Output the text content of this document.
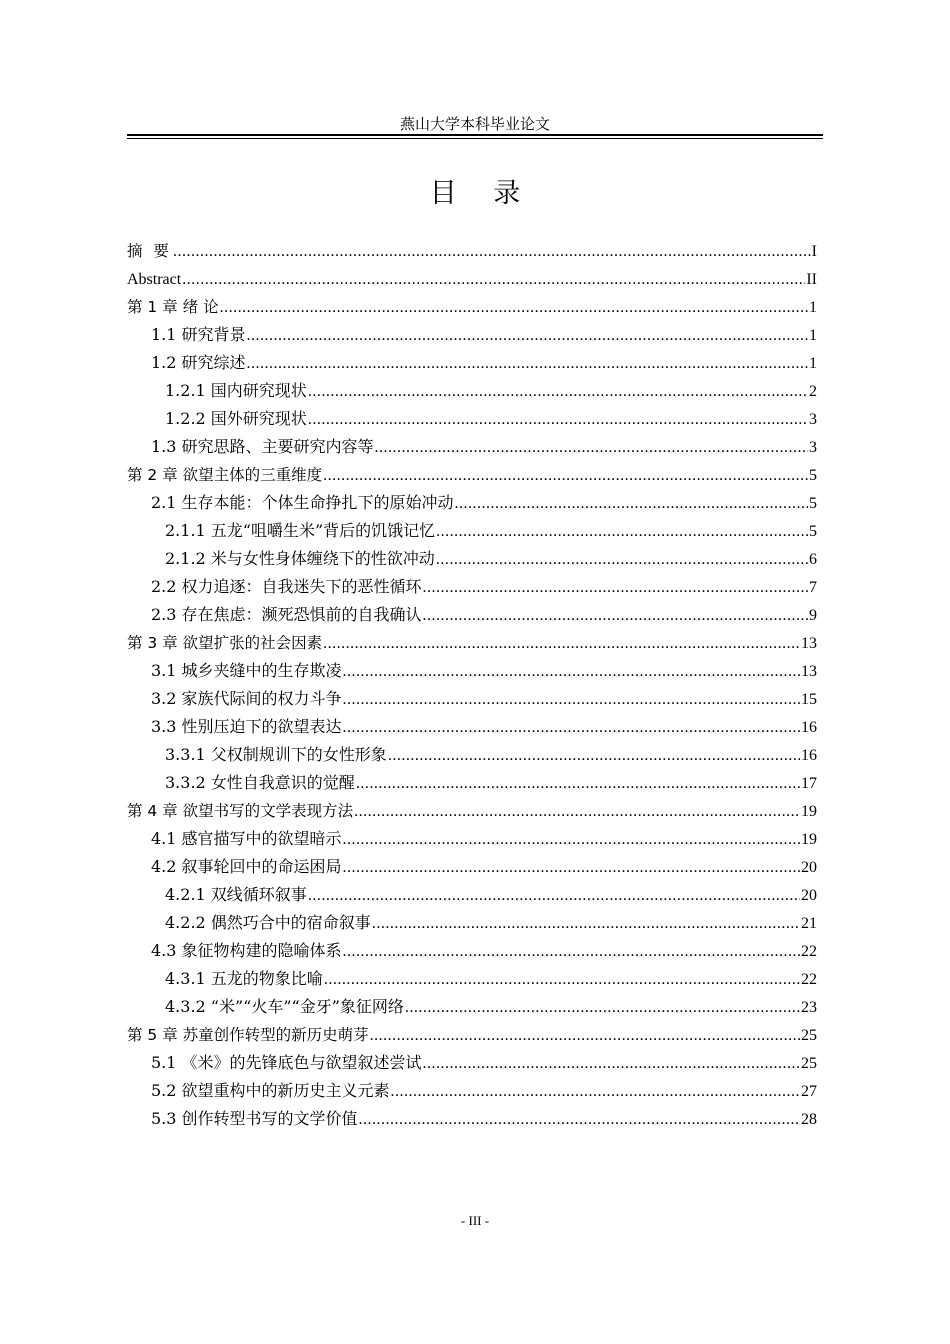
燕山大学本科毕业论文
目 录
摘 要 .....	I
Abstract .....	II
第 1 章 绪 论 .....	1
1.1 研究背景 .....	1
1.2 研究综述 .....	1
1.2.1 国内研究现状 .....	2
1.2.2 国外研究现状 .....	3
1.3 研究思路、主要研究内容等 .....	3
第 2 章 欲望主体的三重维度 .....	5
2.1 生存本能：个体生命挣扎下的原始冲动 .....	5
2.1.1 五龙“咀嚼生米”背后的饥饿记忆 .....	5
2.1.2 米与女性身体缠绕下的性欲冲动 .....	6
2.2 权力追逐：自我迷失下的恶性循环 .....	7
2.3 存在焦虑：濒死恐惧前的自我确认 .....	9
第 3 章 欲望扩张的社会因素 .....	13
3.1 城乡夹缝中的生存欺凌 .....	13
3.2 家族代际间的权力斗争 .....	15
3.3 性别压迫下的欲望表达 .....	16
3.3.1 父权制规训下的女性形象 .....	16
3.3.2 女性自我意识的觉醒 .....	17
第 4 章 欲望书写的文学表现方法 .....	19
4.1 感官描写中的欲望暗示 .....	19
4.2 叙事轮回中的命运困局 .....	20
4.2.1 双线循环叙事 .....	20
4.2.2 偶然巧合中的宿命叙事 .....	21
4.3 象征物构建的隐喻体系 .....	22
4.3.1 五龙的物象比喻 .....	22
4.3.2 “米”“火车”“金牙”象征网络 .....	23
第 5 章 苏童创作转型的新历史萌芽 .....	25
5.1 《米》的先锋底色与欲望叙述尝试 .....	25
5.2 欲望重构中的新历史主义元素 .....	27
5.3 创作转型书写的文学价值 .....	28
- III -
